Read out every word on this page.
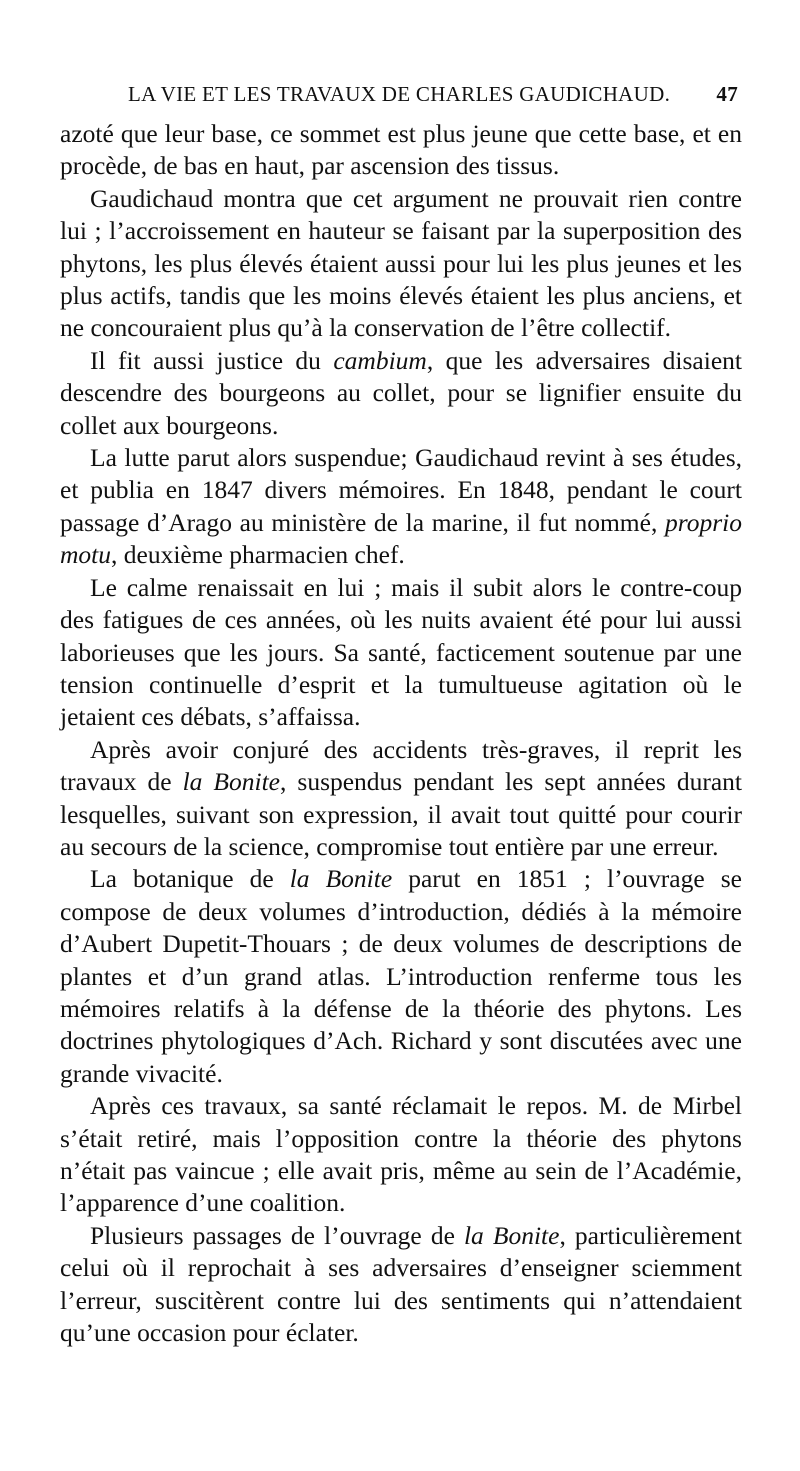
LA VIE ET LES TRAVAUX DE CHARLES GAUDICHAUD. 47

azoté que leur base, ce sommet est plus jeune que cette base, et en procède, de bas en haut, par ascension des tissus.

Gaudichaud montra que cet argument ne prouvait rien contre lui ; l’accroissement en hauteur se faisant par la superposition des phytons, les plus élevés étaient aussi pour lui les plus jeunes et les plus actifs, tandis que les moins élevés étaient les plus anciens, et ne concouraient plus qu’à la conservation de l’être collectif.

Il fit aussi justice du cambium, que les adversaires disaient descendre des bourgeons au collet, pour se lignifier ensuite du collet aux bourgeons.

La lutte parut alors suspendue; Gaudichaud revint à ses études, et publia en 1847 divers mémoires. En 1848, pendant le court passage d’Arago au ministère de la marine, il fut nommé, proprio motu, deuxième pharmacien chef.

Le calme renaissait en lui ; mais il subit alors le contre-coup des fatigues de ces années, où les nuits avaient été pour lui aussi laborieuses que les jours. Sa santé, facticement soutenue par une tension continuelle d’esprit et la tumultueuse agitation où le jetaient ces débats, s’affaissa.

Après avoir conjuré des accidents très-graves, il reprit les travaux de la Bonite, suspendus pendant les sept années durant lesquelles, suivant son expression, il avait tout quitté pour courir au secours de la science, compromise tout entière par une erreur.

La botanique de la Bonite parut en 1851 ; l’ouvrage se compose de deux volumes d’introduction, dédiés à la mémoire d’Aubert Dupetit-Thouars ; de deux volumes de descriptions de plantes et d’un grand atlas. L’introduction renferme tous les mémoires relatifs à la défense de la théorie des phytons. Les doctrines phytologiques d’Ach. Richard y sont discutées avec une grande vivacité.

Après ces travaux, sa santé réclamait le repos. M. de Mirbel s’était retiré, mais l’opposition contre la théorie des phytons n’était pas vaincue ; elle avait pris, même au sein de l’Académie, l’apparence d’une coalition.

Plusieurs passages de l’ouvrage de la Bonite, particulièrement celui où il reprochait à ses adversaires d’enseigner sciemment l’erreur, suscitèrent contre lui des sentiments qui n’attendaient qu’une occasion pour éclater.
